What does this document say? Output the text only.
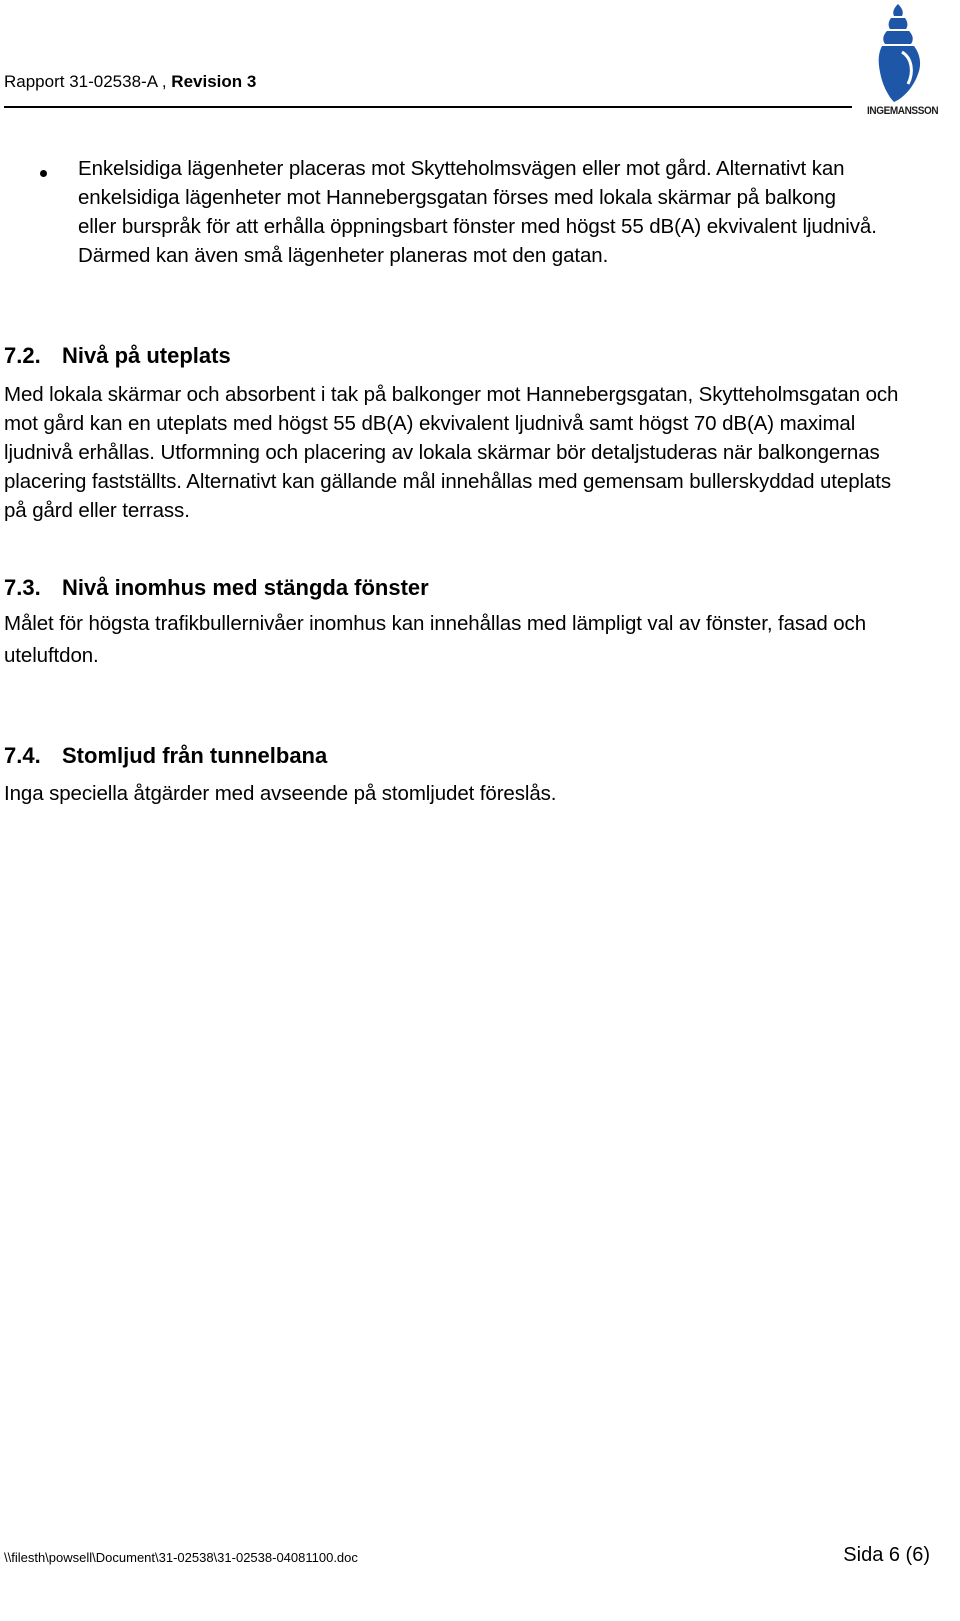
Rapport 31-02538-A , Revision 3
INGEMANSSON
Enkelsidiga lägenheter placeras mot Skytteholmsvägen eller mot gård. Alternativt kan enkelsidiga lägenheter mot Hannebergsgatan förses med lokala skärmar på balkong eller burspråk för att erhålla öppningsbart fönster med högst 55 dB(A) ekvivalent ljudnivå. Därmed kan även små lägenheter planeras mot den gatan.
7.2. Nivå på uteplats
Med lokala skärmar och absorbent i tak på balkonger mot Hannebergsgatan, Skytteholmsgatan och mot gård kan en uteplats med högst 55 dB(A) ekvivalent ljudnivå samt högst 70 dB(A) maximal ljudnivå erhållas. Utformning och placering av lokala skärmar bör detaljstuderas när balkongernas placering fastställts. Alternativt kan gällande mål innehållas med gemensam bullerskyddad uteplats på gård eller terrass.
7.3. Nivå inomhus med stängda fönster
Målet för högsta trafikbullernivåer inomhus kan innehållas med lämpligt val av fönster, fasad och uteluftdon.
7.4. Stomljud från tunnelbana
Inga speciella åtgärder med avseende på stomljudet föreslås.
\\filesth\powsell\Document\31-02538\31-02538-04081100.doc	Sida 6 (6)
